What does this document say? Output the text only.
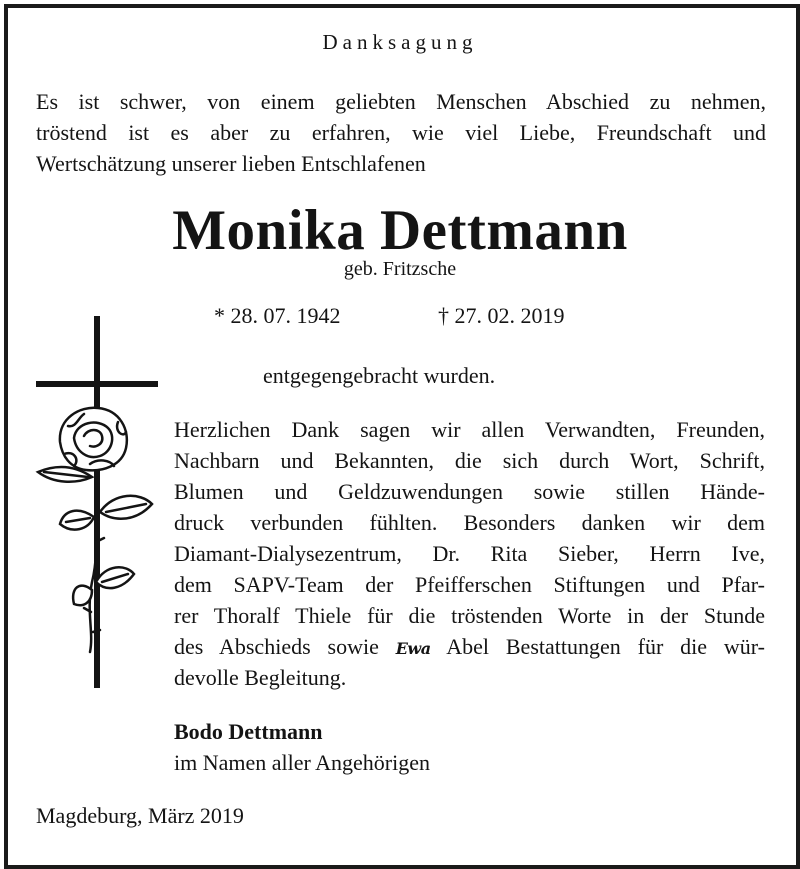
Danksagung

Es ist schwer, von einem geliebten Menschen Abschied zu nehmen,

tröstend ist es aber zu erfahren, wie viel Liebe, Freundschaft und

Wertschätzung unserer lieben Entschlafenen

Monika Dettmann

geb. Fritzsche

* 28. 07. 1942	† 27. 02. 2019

entgegengebracht wurden.

Herzlichen Dank sagen wir allen Verwandten, Freunden,

Nachbarn und Bekannten, die sich durch Wort, Schrift,

Blumen und Geldzuwendungen sowie stillen Hände-

druck verbunden fühlten. Besonders danken wir dem

Diamant-Dialysezentrum, Dr. Rita Sieber, Herrn Ive,

dem SAPV-Team der Pfeifferschen Stiftungen und Pfar-

rer Thoralf Thiele für die tröstenden Worte in der Stunde

des Abschieds sowie Ewa Abel Bestattungen für die wür-

devolle Begleitung.

Bodo Dettmann

im Namen aller Angehörigen

Magdeburg, März 2019
